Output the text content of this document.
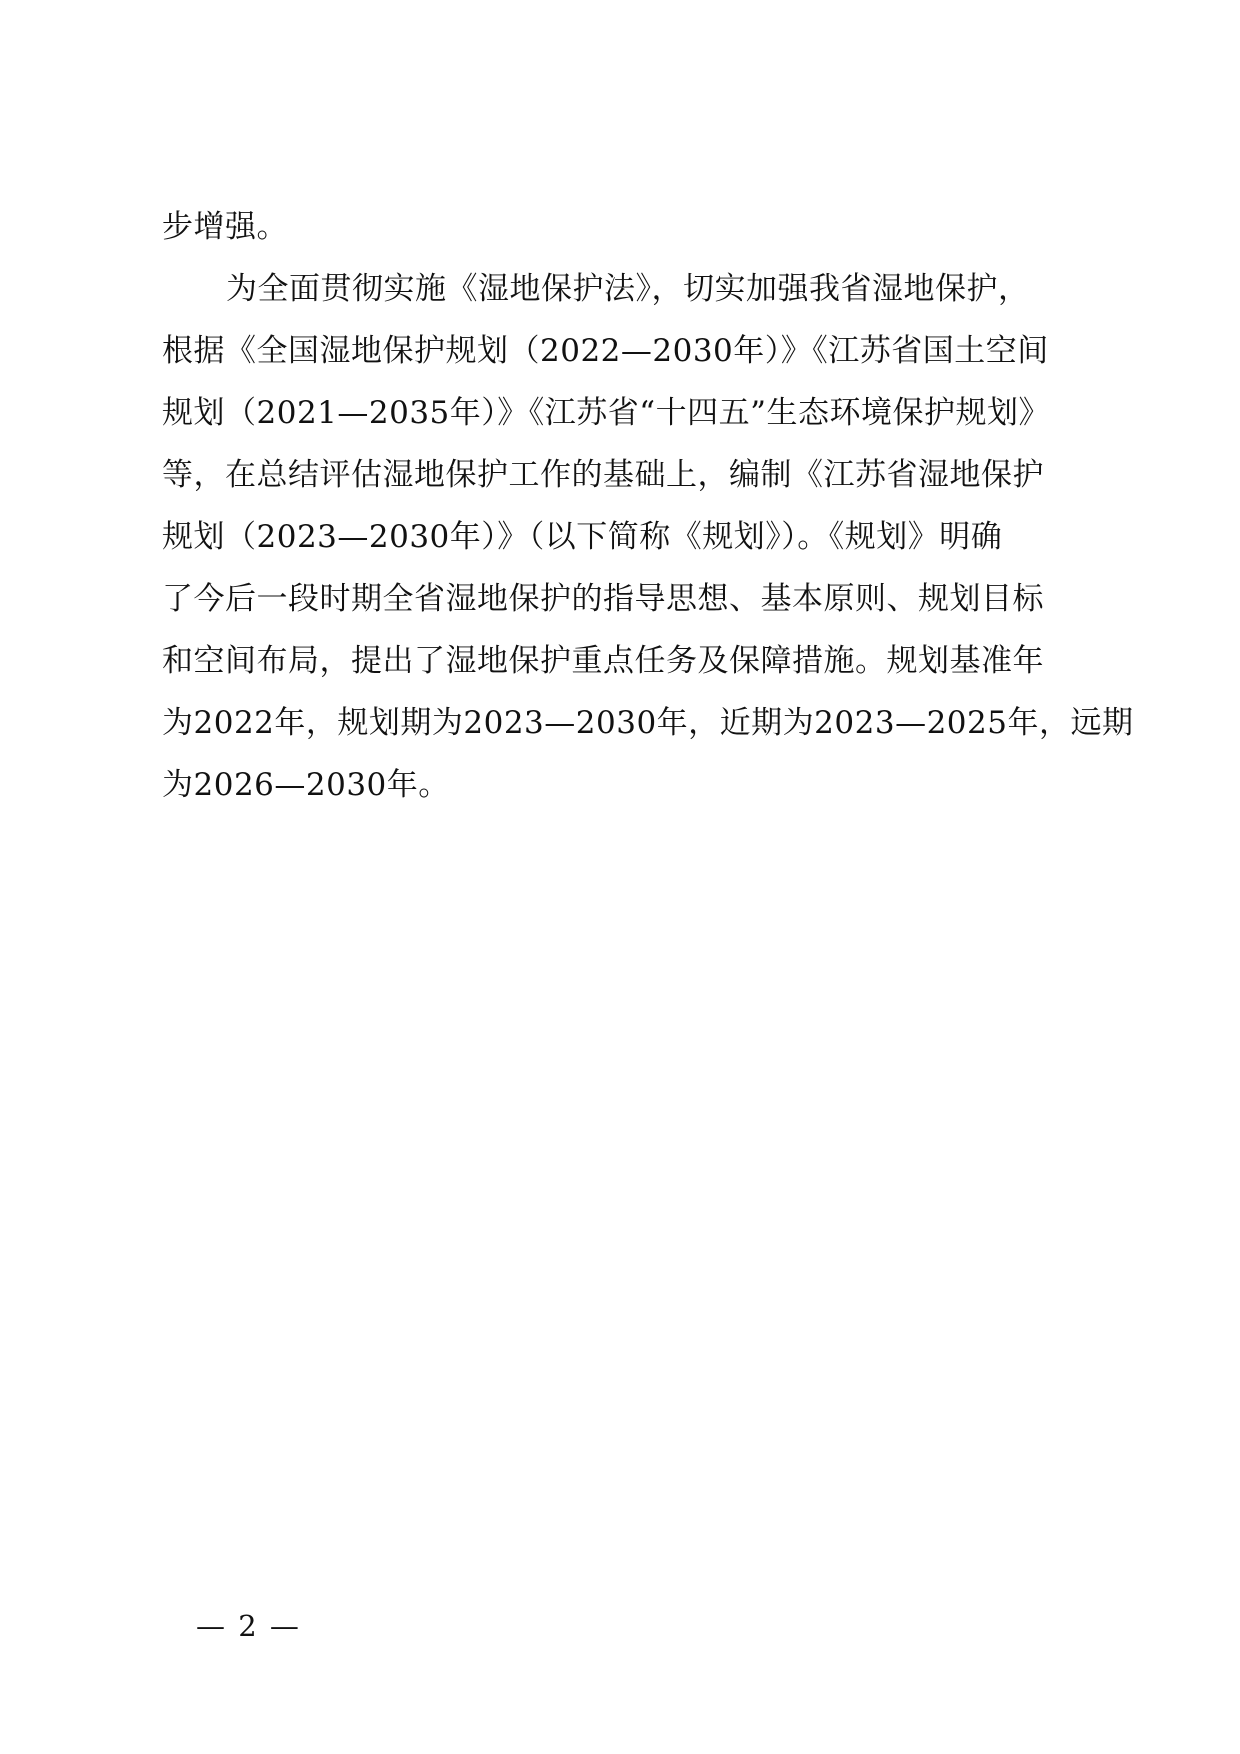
步增强。
为全面贯彻实施《湿地保护法》，切实加强我省湿地保护，
根据《全国湿地保护规划（2022—2030年）》《江苏省国土空间
规划（2021—2035年）》《江苏省“十四五”生态环境保护规划》
等，在总结评估湿地保护工作的基础上，编制《江苏省湿地保护
规划（2023—2030年）》（以下简称《规划》）。《规划》明确
了今后一段时期全省湿地保护的指导思想、基本原则、规划目标
和空间布局，提出了湿地保护重点任务及保障措施。规划基准年
为2022年，规划期为2023—2030年，近期为2023—2025年，远期
为2026—2030年。
— 2 —
